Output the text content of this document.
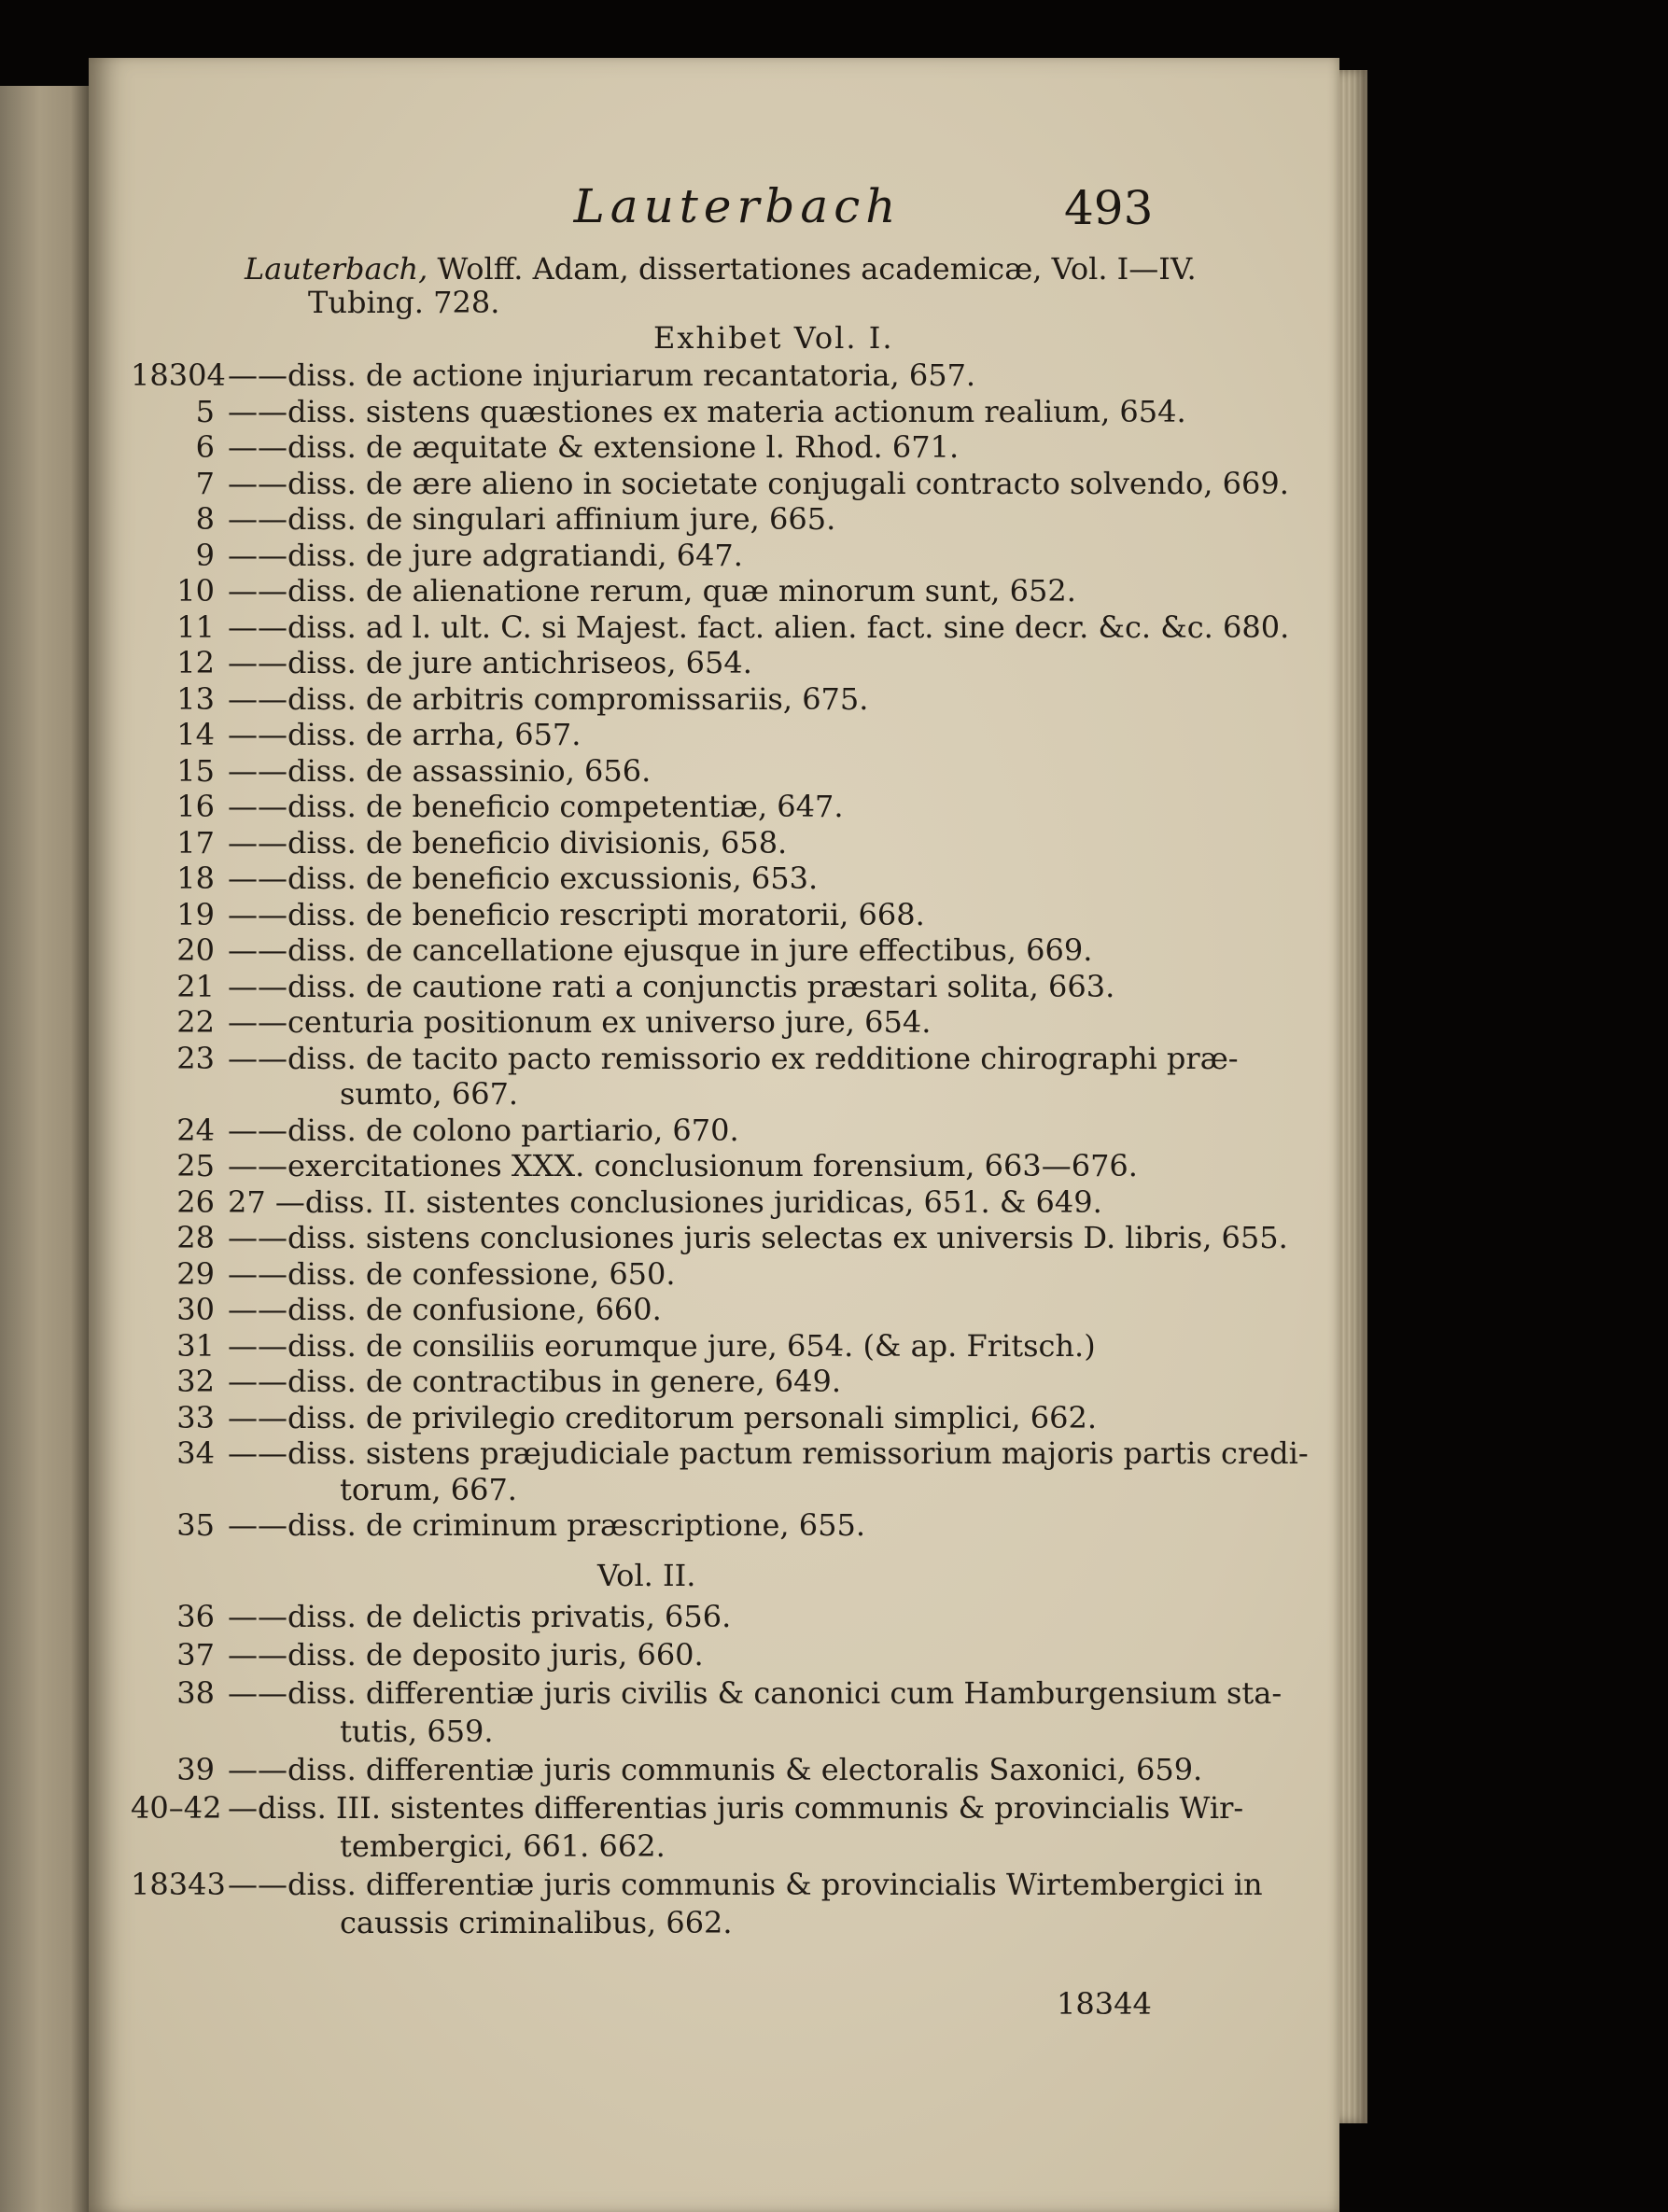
Lauterbach	493
Lauterbach, Wolff. Adam, dissertationes academicæ, Vol. I—IV.
Tubing. 728.
Exhibet Vol. I.
18304——diss. de actione injuriarum recantatoria, 657.
5 ——diss. sistens quæstiones ex materia actionum realium, 654.
6 ——diss. de æquitate & extensione l. Rhod. 671.
7 ——diss. de ære alieno in societate conjugali contracto solvendo, 669.
8 ——diss. de singulari affinium jure, 665.
9 ——diss. de jure adgratiandi, 647.
10 ——diss. de alienatione rerum, quæ minorum sunt, 652.
11 ——diss. ad l. ult. C. si Majest. fact. alien. fact. sine decr. &c. &c. 680.
12 ——diss. de jure antichriseos, 654.
13 ——diss. de arbitris compromissariis, 675.
14 ——diss. de arrha, 657.
15 ——diss. de assassinio, 656.
16 ——diss. de beneficio competentiæ, 647.
17 ——diss. de beneficio divisionis, 658.
18 ——diss. de beneficio excussionis, 653.
19 ——diss. de beneficio rescripti moratorii, 668.
20 ——diss. de cancellatione ejusque in jure effectibus, 669.
21 ——diss. de cautione rati a conjunctis præstari solita, 663.
22 ——centuria positionum ex universo jure, 654.
23 ——diss. de tacito pacto remissorio ex redditione chirographi præ-
sumto, 667.
24 ——diss. de colono partiario, 670.
25 ——exercitationes XXX. conclusionum forensium, 663—676.
26 27 —diss. II. sistentes conclusiones juridicas, 651. & 649.
28 ——diss. sistens conclusiones juris selectas ex universis D. libris, 655.
29 ——diss. de confessione, 650.
30 ——diss. de confusione, 660.
31 ——diss. de consiliis eorumque jure, 654. (& ap. Fritsch.)
32 ——diss. de contractibus in genere, 649.
33 ——diss. de privilegio creditorum personali simplici, 662.
34 ——diss. sistens præjudiciale pactum remissorium majoris partis credi-
torum, 667.
35 ——diss. de criminum præscriptione, 655.
Vol. II.
36 ——diss. de delictis privatis, 656.
37 ——diss. de deposito juris, 660.
38 ——diss. differentiæ juris civilis & canonici cum Hamburgensium sta-
tutis, 659.
39 ——diss. differentiæ juris communis & electoralis Saxonici, 659.
40–42 —diss. III. sistentes differentias juris communis & provincialis Wir-
tembergici, 661. 662.
18343——diss. differentiæ juris communis & provincialis Wirtembergici in
caussis criminalibus, 662.
18344
